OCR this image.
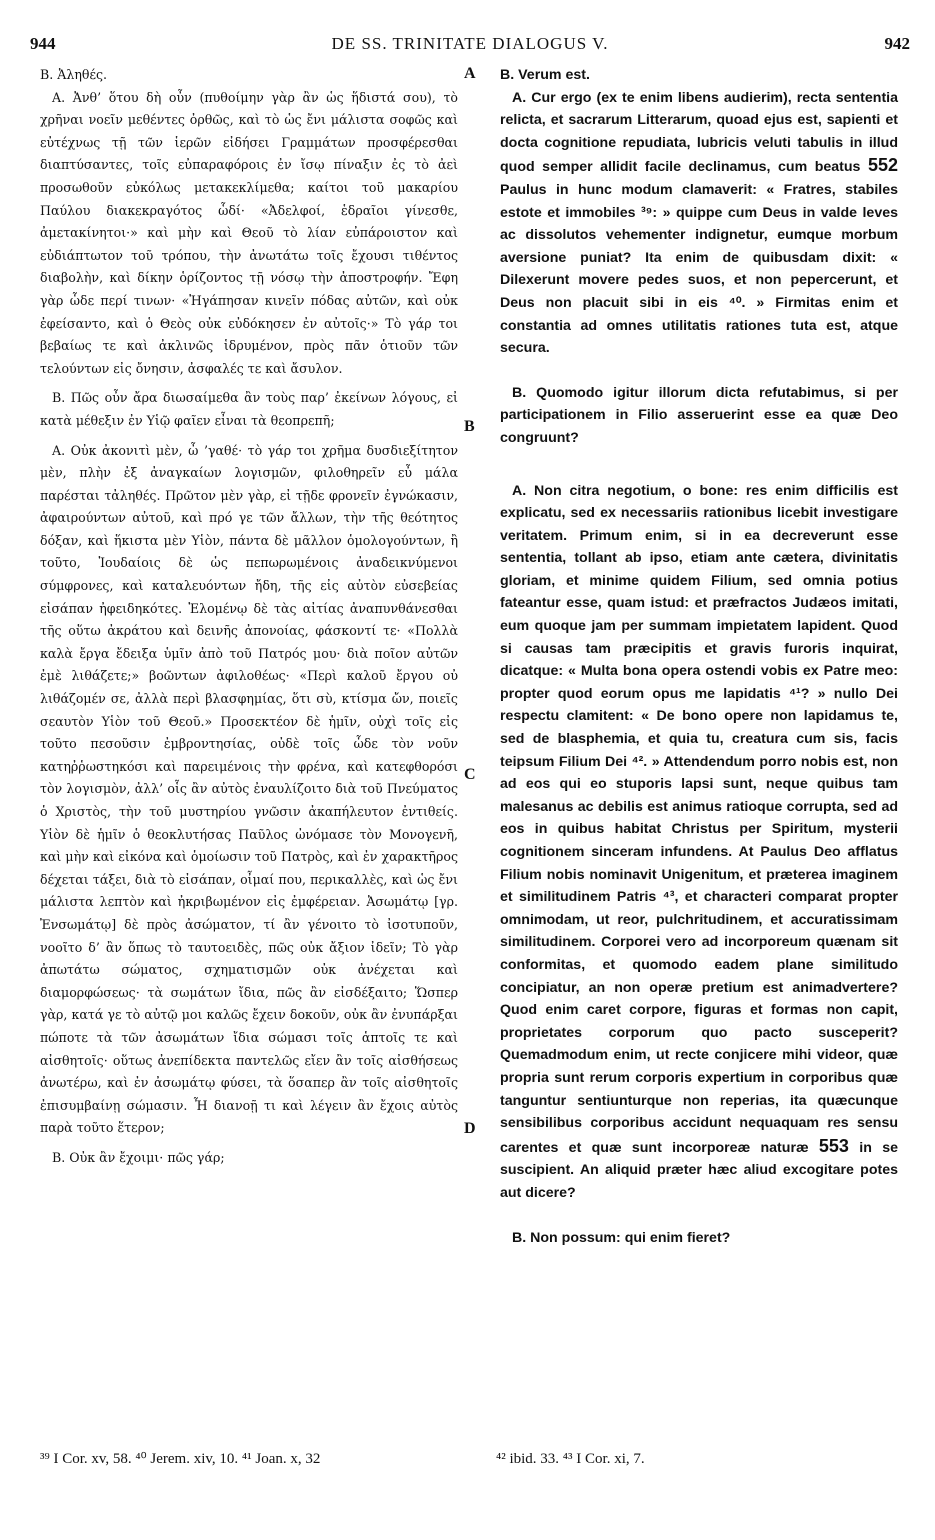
944	DE SS. TRINITATE DIALOGUS V.	942

Β. Ἀληθές.

Α. Ἀνθ’ ὅτου δὴ οὖν (πυθοίμην γὰρ ἂν ὡς ἥδιστά σου), τὸ χρῆναι νοεῖν μεθέντες ὀρθῶς, καὶ τὸ ὡς ἔνι μάλιστα σοφῶς καὶ εὐτέχνως τῇ τῶν ἱερῶν εἰδήσει Γραμμάτων προσφέρεσθαι διαπτύσαντες, τοῖς εὐπαραφόροις ἐν ἴσῳ πίναξιν ἐς τὸ ἀεὶ προσωθοῦν εὐκόλως μετακεκλίμεθα; καίτοι τοῦ μακαρίου Παύλου διακεκραγότος ὧδί· «Ἀδελφοί, ἑδραῖοι γίνεσθε, ἀμετακίνητοι·» καὶ μὴν καὶ Θεοῦ τὸ λίαν εὐπάροιστον καὶ εὐδιάπτωτον τοῦ τρόπου, τὴν ἀνωτάτω τοῖς ἔχουσι τιθέντος διαβολὴν, καὶ δίκην ὁρίζοντος τῇ νόσῳ τὴν ἀποστροφήν. Ἔφη γὰρ ὧδε περί τινων· «Ἠγάπησαν κινεῖν πόδας αὐτῶν, καὶ οὐκ ἐφείσαντο, καὶ ὁ Θεὸς οὐκ εὐδόκησεν ἐν αὐτοῖς·» Τὸ γάρ τοι βεβαίως τε καὶ ἀκλινῶς ἱδρυμένον, πρὸς πᾶν ὁτιοῦν τῶν τελούντων εἰς ὄνησιν, ἀσφαλές τε καὶ ἄσυλον.

Β. Πῶς οὖν ἄρα διωσαίμεθα ἂν τοὺς παρ’ ἐκείνων λόγους, εἰ κατὰ μέθεξιν ἐν Υἱῷ φαῖεν εἶναι τὰ θεοπρεπῆ;

Α. Οὐκ ἀκονιτὶ μὲν, ὦ ’γαθέ· τὸ γάρ τοι χρῆμα δυσδιεξίτητον μὲν, πλὴν ἐξ ἀναγκαίων λογισμῶν, φιλοθηρεῖν εὖ μάλα παρέσται τἀληθές. Πρῶτον μὲν γὰρ, εἰ τῇδε φρονεῖν ἐγνώκασιν, ἀφαιρούντων αὐτοῦ, καὶ πρό γε τῶν ἄλλων, τὴν τῆς θεότητος δόξαν, καὶ ἥκιστα μὲν Υἱὸν, πάντα δὲ μᾶλλον ὁμολογούντων, ἢ τοῦτο, Ἰουδαίοις δὲ ὡς πεπωρωμένοις ἀναδεικνύμενοι σύμφρονες, καὶ καταλευόντων ἤδη, τῆς εἰς αὐτὸν εὐσεβείας εἰσάπαν ἠφειδηκότες. Ἐλομένῳ δὲ τὰς αἰτίας ἀναπυνθάνεσθαι τῆς οὕτω ἀκράτου καὶ δεινῆς ἀπονοίας, φάσκοντί τε· «Πολλὰ καλὰ ἔργα ἔδειξα ὑμῖν ἀπὸ τοῦ Πατρός μου· διὰ ποῖον αὐτῶν ἐμὲ λιθάζετε;» βοῶντων ἀφιλοθέως· «Περὶ καλοῦ ἔργου οὐ λιθάζομέν σε, ἀλλὰ περὶ βλασφημίας, ὅτι σὺ, κτίσμα ὤν, ποιεῖς σεαυτὸν Υἱὸν τοῦ Θεοῦ.» Προσεκτέον δὲ ἡμῖν, οὐχὶ τοῖς εἰς τοῦτο πεσοῦσιν ἐμβροντησίας, οὐδὲ τοῖς ὧδε τὸν νοῦν κατηῤῥωστηκόσι καὶ παρειμένοις τὴν φρένα, καὶ κατεφθορόσι τὸν λογισμὸν, ἀλλ’ οἷς ἂν αὐτὸς ἐναυλίζοιτο διὰ τοῦ Πνεύματος ὁ Χριστὸς, τὴν τοῦ μυστηρίου γνῶσιν ἀκαπήλευτον ἐντιθείς. Υἱὸν δὲ ἡμῖν ὁ θεοκλυτήσας Παῦλος ὠνόμασε τὸν Μονογενῆ, καὶ μὴν καὶ εἰκόνα καὶ ὁμοίωσιν τοῦ Πατρὸς, καὶ ἐν χαρακτῆρος δέχεται τάξει, διὰ τὸ εἰσάπαν, οἶμαί που, περικαλλὲς, καὶ ὡς ἔνι μάλιστα λεπτὸν καὶ ἠκριβωμένον εἰς ἐμφέρειαν. Ἀσωμάτῳ [γρ. Ἐνσωμάτῳ] δὲ πρὸς ἀσώματον, τί ἂν γένοιτο τὸ ἰσοτυποῦν, νοοῖτο δ’ ἂν ὅπως τὸ ταυτοειδὲς, πῶς οὐκ ἄξιον ἰδεῖν; Τὸ γὰρ ἀπωτάτω σώματος, σχηματισμῶν οὐκ ἀνέχεται καὶ διαμορφώσεως· τὰ σωμάτων ἴδια, πῶς ἂν εἰσδέξαιτο; Ὥσπερ γὰρ, κατά γε τὸ αὐτῷ μοι καλῶς ἔχειν δοκοῦν, οὐκ ἂν ἐνυπάρξαι πώποτε τὰ τῶν ἀσωμάτων ἴδια σώμασι τοῖς ἁπτοῖς τε καὶ αἰσθητοῖς· οὕτως ἀνεπίδεκτα παντελῶς εἴεν ἂν τοῖς αἰσθήσεως ἀνωτέρω, καὶ ἐν ἀσωμάτῳ φύσει, τὰ ὅσαπερ ἂν τοῖς αἰσθητοῖς ἐπισυμβαίνῃ σώμασιν. Ἦ διανοῇ τι καὶ λέγειν ἂν ἔχοις αὐτὸς παρὰ τοῦτο ἕτερον;

Β. Οὐκ ἂν ἔχοιμι· πῶς γάρ;

A
B
C
D

B. Verum est.

A. Cur ergo (ex te enim libens audierim), recta sententia relicta, et sacrarum Litterarum, quoad ejus est, sapienti et docta cognitione repudiata, lubricis veluti tabulis in illud quod semper allidit facile declinamus, cum beatus 552 Paulus in hunc modum clamaverit: « Fratres, stabiles estote et immobiles ³⁹: » quippe cum Deus in valde leves ac dissolutos vehementer indignetur, eumque morbum aversione puniat? Ita enim de quibusdam dixit: « Dilexerunt movere pedes suos, et non pepercerunt, et Deus non placuit sibi in eis ⁴⁰. » Firmitas enim et constantia ad omnes utilitatis rationes tuta est, atque secura.

B. Quomodo igitur illorum dicta refutabimus, si per participationem in Filio asseruerint esse ea quæ Deo congruunt?

A. Non citra negotium, o bone: res enim difficilis est explicatu, sed ex necessariis rationibus licebit investigare veritatem. Primum enim, si in ea decreverunt esse sententia, tollant ab ipso, etiam ante cætera, divinitatis gloriam, et minime quidem Filium, sed omnia potius fateantur esse, quam istud: et præfractos Judæos imitati, eum quoque jam per summam impietatem lapident. Quod si causas tam præcipitis et gravis furoris inquirat, dicatque: « Multa bona opera ostendi vobis ex Patre meo: propter quod eorum opus me lapidatis ⁴¹? » nullo Dei respectu clamitent: « De bono opere non lapidamus te, sed de blasphemia, et quia tu, creatura cum sis, facis teipsum Filium Dei ⁴². » Attendendum porro nobis est, non ad eos qui eo stuporis lapsi sunt, neque quibus tam malesanus ac debilis est animus ratioque corrupta, sed ad eos in quibus habitat Christus per Spiritum, mysterii cognitionem sinceram infundens. At Paulus Deo afflatus Filium nobis nominavit Unigenitum, et præterea imaginem et similitudinem Patris ⁴³, et characteri comparat propter omnimodam, ut reor, pulchritudinem, et accuratissimam similitudinem. Corporei vero ad incorporeum quænam sit conformitas, et quomodo eadem plane similitudo concipiatur, an non operæ pretium est animadvertere? Quod enim caret corpore, figuras et formas non capit, proprietates corporum quo pacto susceperit? Quemadmodum enim, ut recte conjicere mihi videor, quæ propria sunt rerum corporis expertium in corporibus quæ tanguntur sentiunturque non reperias, ita quæcunque sensibilibus corporibus accidunt nequaquam res sensu carentes et quæ sunt incorporeæ naturæ 553 in se suscipient. An aliquid præter hæc aliud excogitare potes aut dicere?

B. Non possum: qui enim fieret?

³⁹ I Cor. xv, 58. ⁴⁰ Jerem. xiv, 10. ⁴¹ Joan. x, 32	⁴² ibid. 33. ⁴³ I Cor. xi, 7.
